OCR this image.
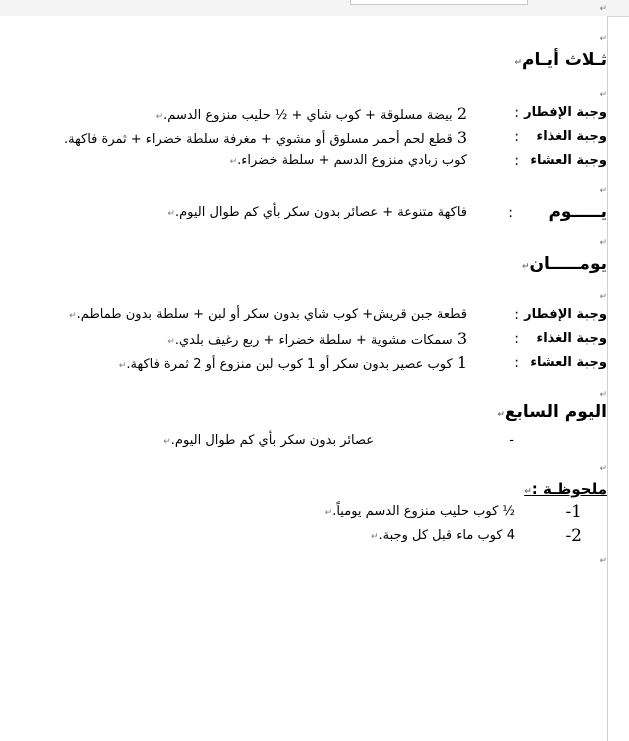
↵
↵
↵
↵
↵
↵
↵
↵
↵
ثـلاث أيـام↵
وجبة الإفطار
:
2 بيضة مسلوقة + كوب شاي + ½ حليب منزوع الدسم.↵
وجبة الغذاء
:
3 قطع لحم أحمر مسلوق أو مشوي + مغرفة سلطة خضراء + ثمرة فاكهة.
وجبة العشاء
:
كوب زبادي منزوع الدسم + سلطة خضراء.↵
يـــــوم
:
فاكهة متنوعة + عصائر بدون سكر بأي كم طوال اليوم.↵
يومـــــان↵
وجبة الإفطار
:
قطعة جبن قريش+ كوب شاي بدون سكر أو لبن + سلطة بدون طماطم.↵
وجبة الغذاء
:
3 سمكات مشوية + سلطة خضراء + ربع رغيف بلدي.↵
وجبة العشاء
:
1 كوب عصير بدون سكر أو 1 كوب لبن منزوع أو 2 ثمرة فاكهة.↵
اليوم السابع↵
-
عصائر بدون سكر بأي كم طوال اليوم.↵
ملحوظـة :↵
-1
½ كوب حليب منزوع الدسم يومياً.↵
-2
4 كوب ماء قبل كل وجبة.↵
